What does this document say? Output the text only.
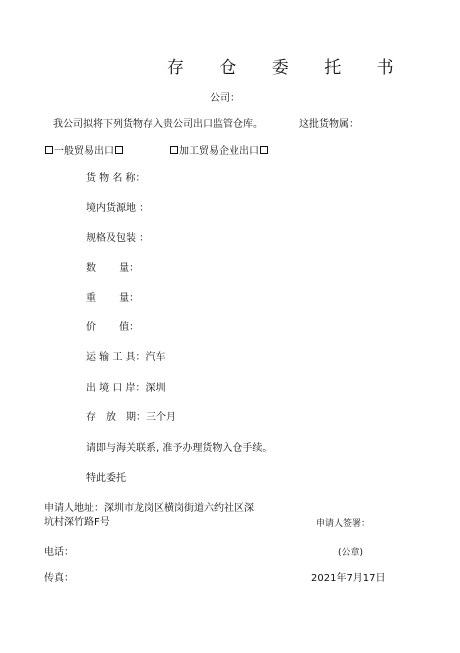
存 仓 委 托 书
公司：
我公司拟将下列货物存入贵公司出口监管仓库。	这批货物属：
一般贸易出口	加工贸易企业出口
货 物 名 称：
境内货源地 ：
规格及包装 ：
数　　 量：
重　　 量：
价　　 值：
运 输 工 具：汽车
出 境 口 岸：深圳
存　放　期：三个月
请即与海关联系, 准予办理货物入仓手续。
特此委托
申请人地址：深圳市龙岗区横岗街道六约社区深
坑村深竹路F号	申请人签署：
电话：	(公章)
传真：	2021年7月17日
